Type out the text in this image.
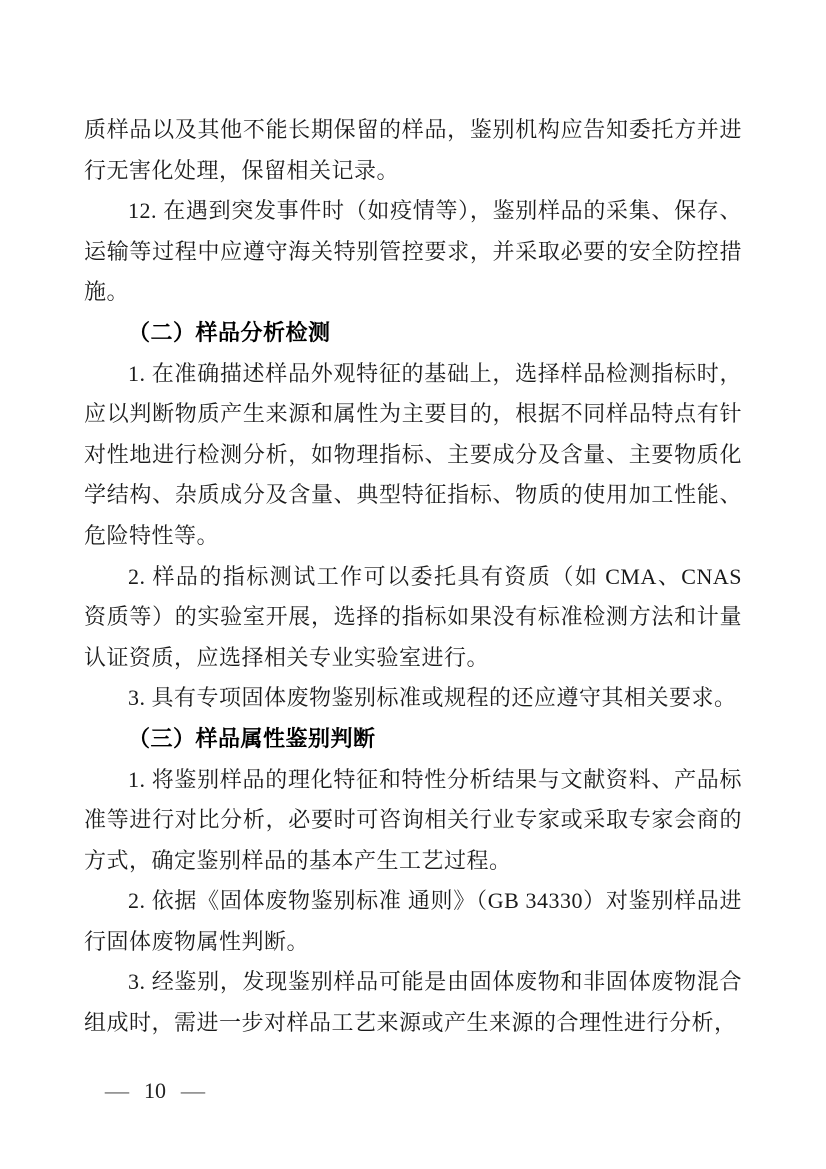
质样品以及其他不能长期保留的样品，鉴别机构应告知委托方并进行无害化处理，保留相关记录。

12. 在遇到突发事件时（如疫情等），鉴别样品的采集、保存、运输等过程中应遵守海关特别管控要求，并采取必要的安全防控措施。

（二）样品分析检测

1. 在准确描述样品外观特征的基础上，选择样品检测指标时，应以判断物质产生来源和属性为主要目的，根据不同样品特点有针对性地进行检测分析，如物理指标、主要成分及含量、主要物质化学结构、杂质成分及含量、典型特征指标、物质的使用加工性能、危险特性等。

2. 样品的指标测试工作可以委托具有资质（如 CMA、CNAS 资质等）的实验室开展，选择的指标如果没有标准检测方法和计量认证资质，应选择相关专业实验室进行。

3. 具有专项固体废物鉴别标准或规程的还应遵守其相关要求。

（三）样品属性鉴别判断

1. 将鉴别样品的理化特征和特性分析结果与文献资料、产品标准等进行对比分析，必要时可咨询相关行业专家或采取专家会商的方式，确定鉴别样品的基本产生工艺过程。

2. 依据《固体废物鉴别标准 通则》（GB 34330）对鉴别样品进行固体废物属性判断。

3. 经鉴别，发现鉴别样品可能是由固体废物和非固体废物混合组成时，需进一步对样品工艺来源或产生来源的合理性进行分析，

— 10 —
